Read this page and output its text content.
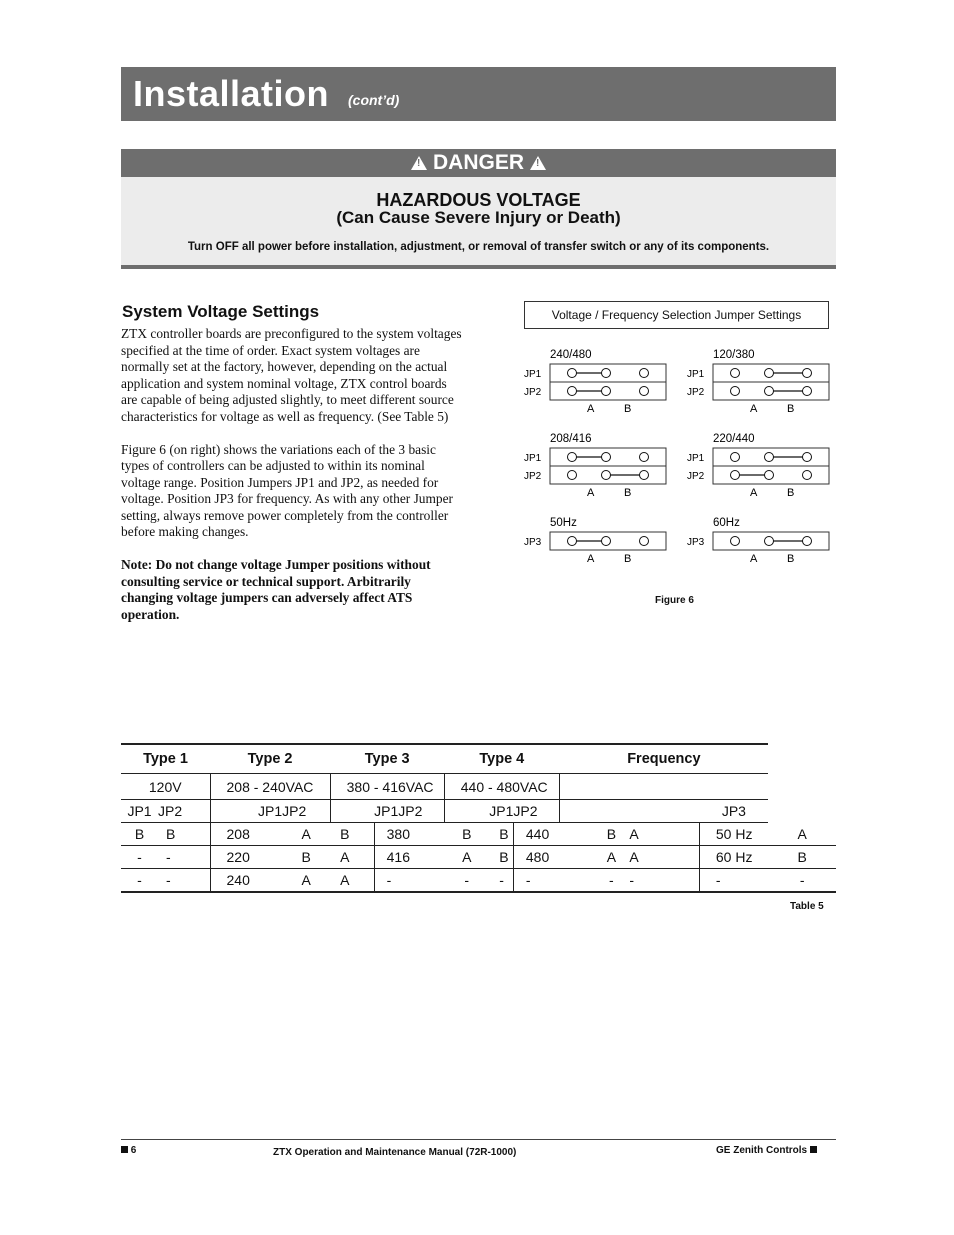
Installation (cont’d)
!
DANGER
!
HAZARDOUS VOLTAGE
(Can Cause Severe Injury or Death)
Turn OFF all power before installation, adjustment, or removal of transfer switch or any of its components.
System Voltage Settings

ZTX controller boards are preconfigured to the system voltages specified at the time of order. Exact system voltages are normally set at the factory, however, depending on the actual application and system nominal voltage, ZTX control boards are capable of being adjusted slightly, to meet different source characteristics for voltage as well as frequency. (See Table 5)

Figure 6 (on right) shows the variations each of the 3 basic types of controllers can be adjusted to within its nominal voltage range. Position Jumpers JP1 and JP2, as needed for voltage. Position JP3 for frequency. As with any other Jumper setting, always remove power completely from the controller before making changes.

Note: Do not change voltage Jumper positions without consulting service or technical support. Arbitrarily changing voltage jumpers can adversely affect ATS operation.

Voltage / Frequency Selection Jumper Settings
240/480
JP1
JP2
A	B
120/380
JP1
JP2
A	B
208/416
JP1
JP2
A	B
220/440
JP1
JP2
A	B
50Hz
JP3
A	B
60Hz
JP3
A	B
Figure 6
Type 1		Type 2			Type 3			Type 4			Frequency				
120V		208 - 240VAC			380 - 416VAC			440 - 480VAC							
JP1	JP2		JP1	JP2		JP1	JP2		JP1	JP2				JP3	
B	B	208		A	B	380		B	B	440		B	A	50 Hz	A
-	-	220		B	A	416		A	B	480		A	A	60 Hz	B
-	-	240		A	A	-		-	-	-		-	-	-	-
Table 5
6	ZTX Operation and Maintenance Manual (72R-1000)	GE Zenith Controls
